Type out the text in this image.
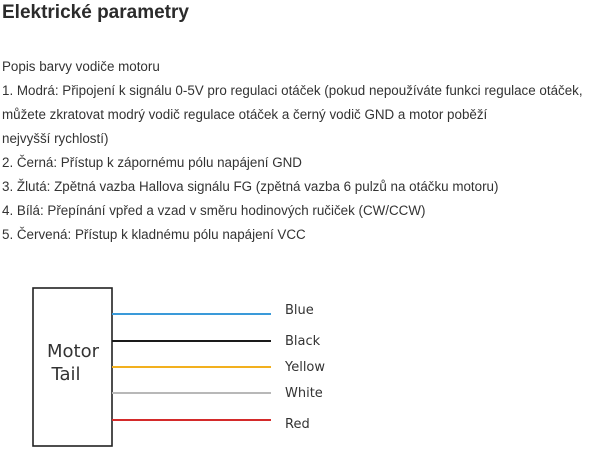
Elektrické parametry
Popis barvy vodiče motoru
1. Modrá: Připojení k signálu 0-5V pro regulaci otáček (pokud nepoužíváte funkci regulace otáček,
můžete zkratovat modrý vodič regulace otáček a černý vodič GND a motor poběží
nejvyšší rychlostí)
2. Černá: Přístup k zápornému pólu napájení GND
3. Žlutá: Zpětná vazba Hallova signálu FG (zpětná vazba 6 pulzů na otáčku motoru)
4. Bílá: Přepínání vpřed a vzad v směru hodinových ručiček (CW/CCW)
5. Červená: Přístup k kladnému pólu napájení VCC
Motor
Tail
Blue
Black
Yellow
White
Red
